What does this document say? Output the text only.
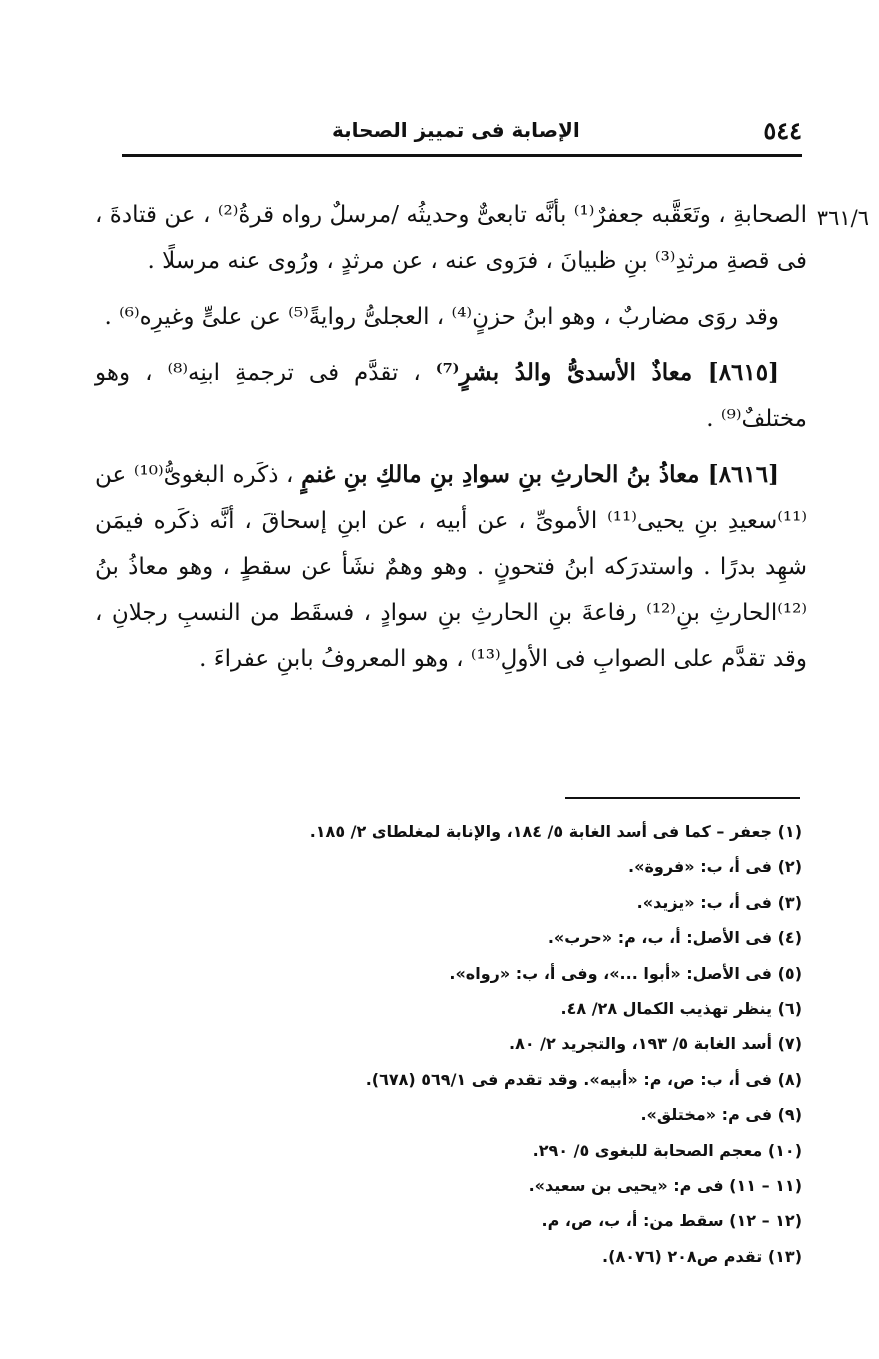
٥٤٤
الإصابة فى تمييز الصحابة
٣٦١/٦

الصحابةِ ، وتَعَقَّبه جعفرٌ⁽¹⁾ بأنَّه تابعىٌّ وحديثُه /مرسلٌ رواه قرةُ⁽²⁾ ، عن قتادةَ ، فى قصةِ مرثدِ⁽³⁾ بنِ ظبيانَ ، فرَوى عنه ، عن مرثدٍ ، ورُوى عنه مرسلًا .

وقد روَى مضاربٌ ، وهو ابنُ حزنٍ⁽⁴⁾ ، العجلىُّ روايةً⁽⁵⁾ عن علىٍّ وغيرِه⁽⁶⁾ .

[٨٦١٥] معاذٌ الأسدىُّ والدُ بشرٍ⁽⁷⁾ ، تقدَّم فى ترجمةِ ابنِه⁽⁸⁾ ، وهو مختلفٌ⁽⁹⁾ .

[٨٦١٦] معاذُ بنُ الحارثِ بنِ سوادِ بنِ مالكِ بنِ غنمٍ ، ذكَره البغوىُّ⁽¹⁰⁾ عن ⁽¹¹⁾سعيدِ بنِ يحيى⁽¹¹⁾ الأموىِّ ، عن أبيه ، عن ابنِ إسحاقَ ، أنَّه ذكَره فيمَن شهِد بدرًا . واستدرَكه ابنُ فتحونٍ . وهو وهمٌ نشَأ عن سقطٍ ، وهو معاذُ بنُ ⁽¹²⁾الحارثِ بنِ⁽¹²⁾ رفاعةَ بنِ الحارثِ بنِ سوادٍ ، فسقَط من النسبِ رجلانِ ، وقد تقدَّم على الصوابِ فى الأولِ⁽¹³⁾ ، وهو المعروفُ بابنِ عفراءَ .

(١) جعفر – كما فى أسد الغابة ٥/ ١٨٤، والإنابة لمغلطاى ٢/ ١٨٥.

(٢) فى أ، ب: «فروة».

(٣) فى أ، ب: «يزيد».

(٤) فى الأصل: أ، ب، م: «حرب».

(٥) فى الأصل: «أبوا ...»، وفى أ، ب: «رواه».

(٦) ينظر تهذيب الكمال ٢٨/ ٤٨.

(٧) أسد الغابة ٥/ ١٩٣، والتجريد ٢/ ٨٠.

(٨) فى أ، ب: ص، م: «أبيه». وقد تقدم فى ٥٦٩/١ (٦٧٨).

(٩) فى م: «مختلق».

(١٠) معجم الصحابة للبغوى ٥/ ٢٩٠.

(١١ – ١١) فى م: «يحيى بن سعيد».

(١٢ – ١٢) سقط من: أ، ب، ص، م.

(١٣) تقدم ص٢٠٨ (٨٠٧٦).
